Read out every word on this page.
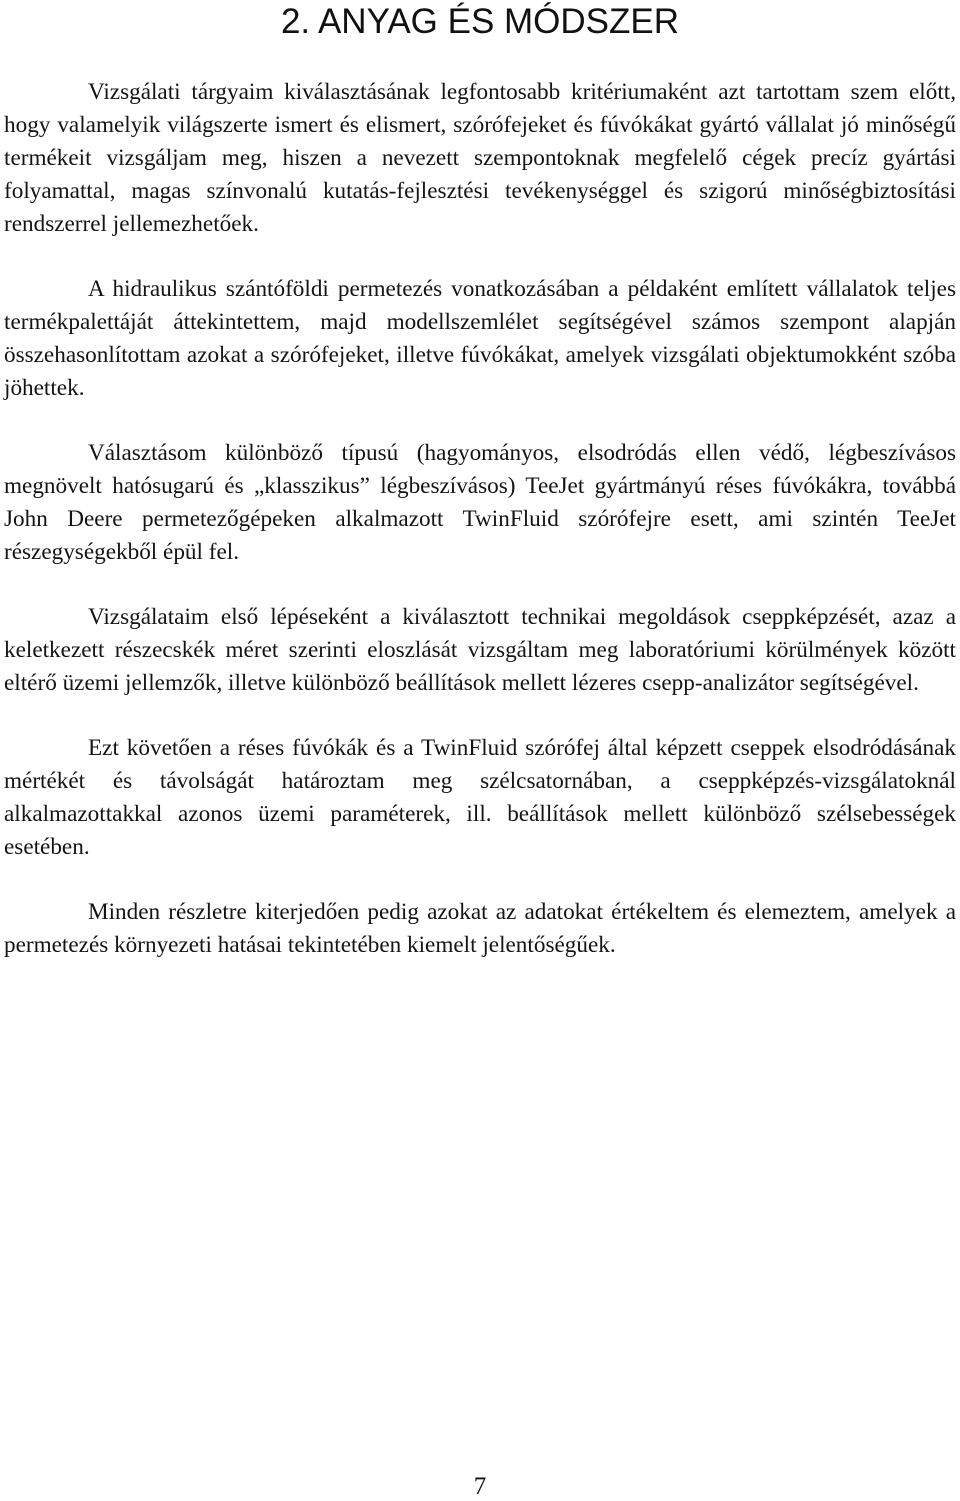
2. ANYAG ÉS MÓDSZER

Vizsgálati tárgyaim kiválasztásának legfontosabb kritériumaként azt tartottam szem előtt, hogy valamelyik világszerte ismert és elismert, szórófejeket és fúvókákat gyártó vállalat jó minőségű termékeit vizsgáljam meg, hiszen a nevezett szempontoknak megfelelő cégek precíz gyártási folyamattal, magas színvonalú kutatás-fejlesztési tevékenységgel és szigorú minőségbiztosítási rendszerrel jellemezhetőek.

A hidraulikus szántóföldi permetezés vonatkozásában a példaként említett vállalatok teljes termékpalettáját áttekintettem, majd modellszemlélet segítségével számos szempont alapján összehasonlítottam azokat a szórófejeket, illetve fúvókákat, amelyek vizsgálati objektumokként szóba jöhettek.

Választásom különböző típusú (hagyományos, elsodródás ellen védő, légbeszívásos megnövelt hatósugarú és „klasszikus” légbeszívásos) TeeJet gyártmányú réses fúvókákra, továbbá John Deere permetezőgépeken alkalmazott TwinFluid szórófejre esett, ami szintén TeeJet részegységekből épül fel.

Vizsgálataim első lépéseként a kiválasztott technikai megoldások cseppképzését, azaz a keletkezett részecskék méret szerinti eloszlását vizsgáltam meg laboratóriumi körülmények között eltérő üzemi jellemzők, illetve különböző beállítások mellett lézeres csepp-analizátor segítségével.

Ezt követően a réses fúvókák és a TwinFluid szórófej által képzett cseppek elsodródásának mértékét és távolságát határoztam meg szélcsatornában, a cseppképzés-vizsgálatoknál alkalmazottakkal azonos üzemi paraméterek, ill. beállítások mellett különböző szélsebességek esetében.

Minden részletre kiterjedően pedig azokat az adatokat értékeltem és elemeztem, amelyek a permetezés környezeti hatásai tekintetében kiemelt jelentőségűek.

7
